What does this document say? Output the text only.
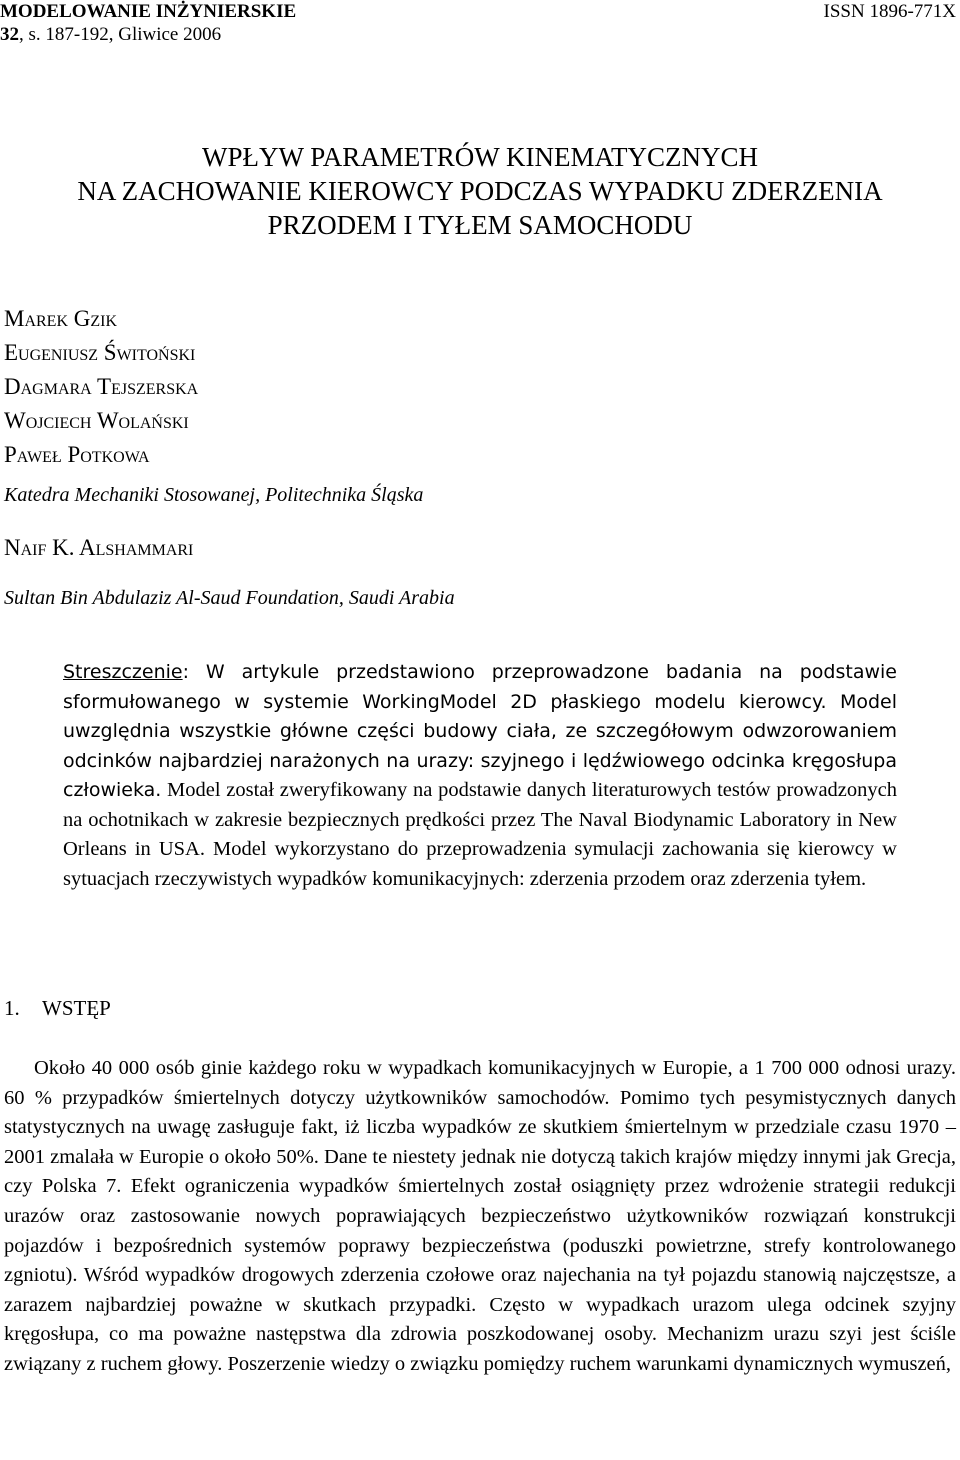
MODELOWANIE INŻYNIERSKIE	ISSN 1896-771X
32, s. 187-192, Gliwice 2006
WPŁYW PARAMETRÓW KINEMATYCZNYCH
NA ZACHOWANIE KIEROWCY PODCZAS WYPADKU ZDERZENIA
PRZODEM I TYŁEM SAMOCHODU
Marek Gzik
Eugeniusz Świtoński
Dagmara Tejszerska
Wojciech Wolański
Paweł Potkowa
Katedra Mechaniki Stosowanej, Politechnika Śląska
Naif K. Alshammari
Sultan Bin Abdulaziz Al-Saud Foundation, Saudi Arabia
Streszczenie: W artykule przedstawiono przeprowadzone badania na podstawie sformułowanego w systemie WorkingModel 2D płaskiego modelu kierowcy. Model uwzględnia wszystkie główne części budowy ciała, ze szczegółowym odwzorowaniem odcinków najbardziej narażonych na urazy: szyjnego i lędźwiowego odcinka kręgosłupa człowieka. Model został zweryfikowany na podstawie danych literaturowych testów prowadzonych na ochotnikach w zakresie bezpiecznych prędkości przez The Naval Biodynamic Laboratory in New Orleans in USA. Model wykorzystano do przeprowadzenia symulacji zachowania się kierowcy w sytuacjach rzeczywistych wypadków komunikacyjnych: zderzenia przodem oraz zderzenia tyłem.
1. WSTĘP
Około 40 000 osób ginie każdego roku w wypadkach komunikacyjnych w Europie, a 1 700 000 odnosi urazy. 60 % przypadków śmiertelnych dotyczy użytkowników samochodów. Pomimo tych pesymistycznych danych statystycznych na uwagę zasługuje fakt, iż liczba wypadków ze skutkiem śmiertelnym w przedziale czasu 1970 – 2001 zmalała w Europie o około 50%. Dane te niestety jednak nie dotyczą takich krajów między innymi jak Grecja, czy Polska 7. Efekt ograniczenia wypadków śmiertelnych został osiągnięty przez wdrożenie strategii redukcji urazów oraz zastosowanie nowych poprawiających bezpieczeństwo użytkowników rozwiązań konstrukcji pojazdów i bezpośrednich systemów poprawy bezpieczeństwa (poduszki powietrzne, strefy kontrolowanego zgniotu). Wśród wypadków drogowych zderzenia czołowe oraz najechania na tył pojazdu stanowią najczęstsze, a zarazem najbardziej poważne w skutkach przypadki. Często w wypadkach urazom ulega odcinek szyjny kręgosłupa, co ma poważne następstwa dla zdrowia poszkodowanej osoby. Mechanizm urazu szyi jest ściśle związany z ruchem głowy. Poszerzenie wiedzy o związku pomiędzy ruchem warunkami dynamicznych wymuszeń,
